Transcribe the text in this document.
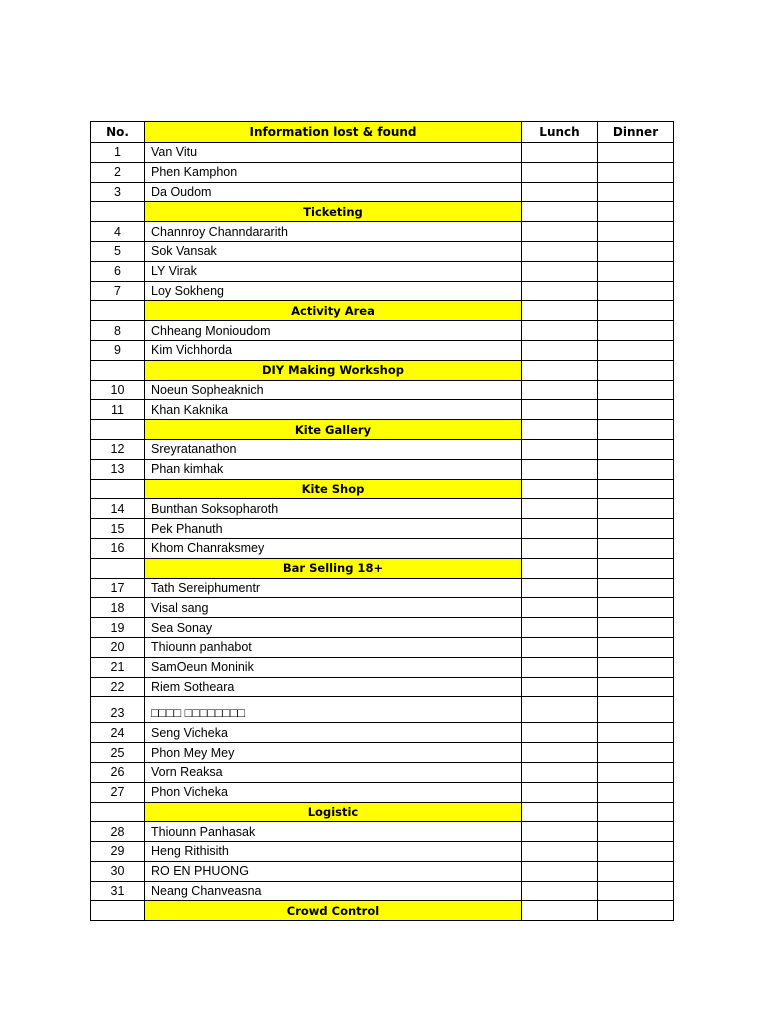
No.	Information lost & found	Lunch	Dinner
1	Van Vitu		
2	Phen Kamphon		
3	Da Oudom		
	Ticketing		
4	Channroy Channdararith		
5	Sok Vansak		
6	LY Virak		
7	Loy Sokheng		
	Activity Area		
8	Chheang Monioudom		
9	Kim Vichhorda		
	DIY Making Workshop		
10	Noeun Sopheaknich		
11	Khan Kaknika		
	Kite Gallery		
12	Sreyratanathon		
13	Phan kimhak		
	Kite Shop		
14	Bunthan Soksopharoth		
15	Pek Phanuth		
16	Khom Chanraksmey		
	Bar Selling 18+		
17	Tath Sereiphumentr		
18	Visal sang		
19	Sea Sonay		
20	Thiounn panhabot		
21	SamOeun Moninik		
22	Riem Sotheara		
23	□□□□ □□□□□□□□		
24	Seng Vicheka		
25	Phon Mey Mey		
26	Vorn Reaksa		
27	Phon Vicheka		
	Logistic		
28	Thiounn Panhasak		
29	Heng Rithisith		
30	RO EN PHUONG		
31	Neang Chanveasna		
	Crowd Control		
